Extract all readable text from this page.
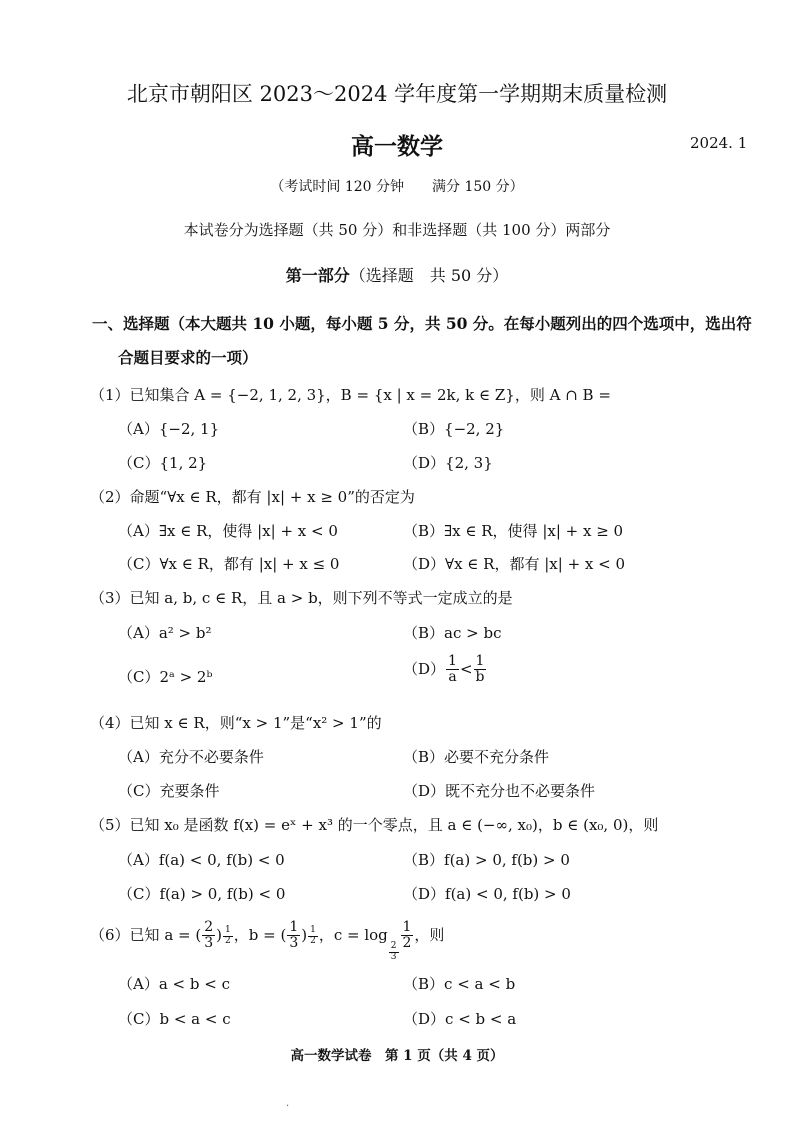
北京市朝阳区 2023～2024 学年度第一学期期末质量检测
高一数学	2024. 1
（考试时间 120 分钟　　满分 150 分）
本试卷分为选择题（共 50 分）和非选择题（共 100 分）两部分
第一部分（选择题　共 50 分）
一、选择题（本大题共 10 小题，每小题 5 分，共 50 分。在每小题列出的四个选项中，选出符
合题目要求的一项）
（1）已知集合 A = {−2, 1, 2, 3}，B = {x | x = 2k, k ∈ Z}，则 A ∩ B =
（A）{−2, 1}	（B）{−2, 2}
（C）{1, 2}	（D）{2, 3}
（2）命题“∀x ∈ R，都有 |x| + x ≥ 0”的否定为
（A）∃x ∈ R，使得 |x| + x < 0	（B）∃x ∈ R，使得 |x| + x ≥ 0
（C）∀x ∈ R，都有 |x| + x ≤ 0	（D）∀x ∈ R，都有 |x| + x < 0
（3）已知 a, b, c ∈ R，且 a > b，则下列不等式一定成立的是
（A）a² > b²	（B）ac > bc
（C）2ᵃ > 2ᵇ	$(D) \frac{1}{a} < \frac{1}{b}$
（4）已知 x ∈ R，则“x > 1”是“x² > 1”的
（A）充分不必要条件	（B）必要不充分条件
（C）充要条件	（D）既不充分也不必要条件
（5）已知 x₀ 是函数 f(x) = eˣ + x³ 的一个零点，且 a ∈ (−∞, x₀)，b ∈ (x₀, 0)，则
（A）f(a) < 0, f(b) < 0	（B）f(a) > 0, f(b) > 0
（C）f(a) > 0, f(b) < 0	（D）f(a) < 0, f(b) > 0
（6）已知 a = ( $\frac{2}{3}$ ) $\frac{1}{2}$ ，b = ( $\frac{1}{3}$ ) $\frac{1}{2}$ ，c = log
$\frac{2}{3}$
$\frac{1}{2}$ ，则
（A）a < b < c	（B）c < a < b
（C）b < a < c	（D）c < b < a
高一数学试卷　第 1 页（共 4 页）
.
